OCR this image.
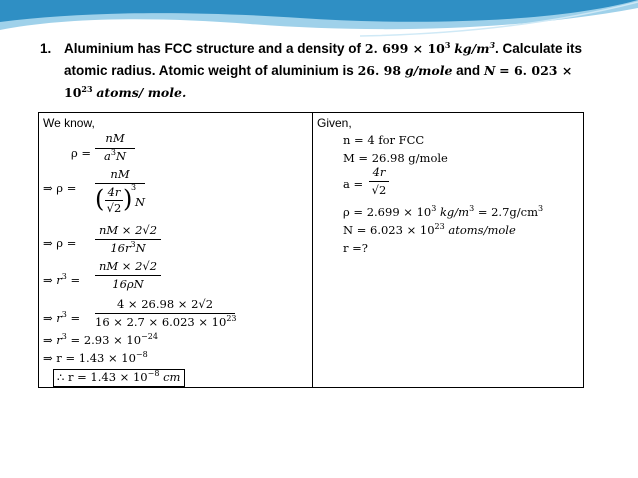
1. Aluminium has FCC structure and a density of 2. $699 \times 10^3$ $kg/m^3$. Calculate its atomic radius. Atomic weight of aluminium is 26. 98 g/mole and N = 6. $023 \times 10^{23}$ atoms/ mole.
We know,
ρ =
nM
$a^3N$
⇒ ρ =
nM
( 4r
√2 )
3
N
⇒ ρ =
nM × 2√2
$16r^3N$
⇒ $r^3$ =
nM × 2√2
16ρN
⇒ $r^3$ =
4 × 26.98 × 2√2
$16 \times 2.7 \times 6.023 \times 10^{23}$
⇒ $r^3 = 2.93 \times 10^{-24}$
⇒ $r = 1.43 \times 10^{-8}$
∴ $r = 1.43 \times 10^{-8}$ cm
Given,
n = 4 for FCC
M = 26.98 g/mole
a =
4r
√2
$\rho = 2.699 \times 10^3$ $kg/m^3 = 2.7g/cm^3$
$N = 6.023 \times 10^{23}$ atoms/mole
r =?
